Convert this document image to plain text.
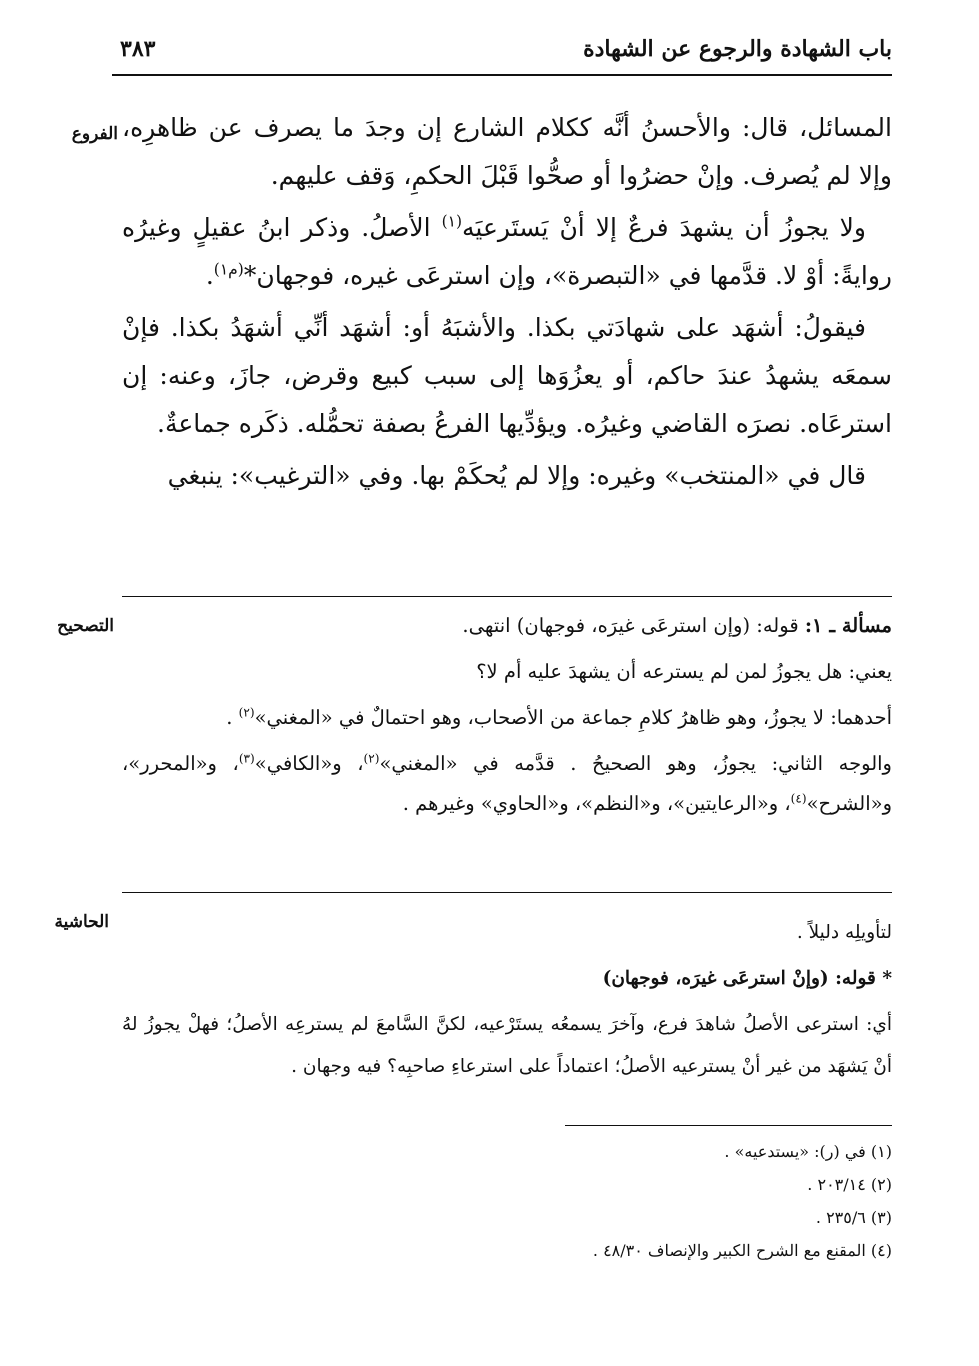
باب الشهادة والرجوع عن الشهادة
٣٨٣
الفروع المسائل، قال: والأحسنُ أنَّه ككلام الشارع إن وجدَ ما يصرف عن ظاهرِه، وإلا لم يُصرف. وإنْ حضرُوا أو صحُّوا قَبْلَ الحكمِ، وَقف عليهم.

ولا يجوزُ أن يشهدَ فرعٌ إلا أنْ يَستَرعيَه$^{(١)}$ الأصلُ. وذكر ابنُ عقيلٍ وغيرُه روايةً: أوْ لا. قدَّمها في «التبصرة»، وإن استرعَى غيره، فوجهان*$^{(م١)}$.

فيقولُ: أشهَد على شهادَتي بكذا. والأشبَهُ أو: أشهَد أنِّي أشهَدُ بكذا. فإنْ سمعَه يشهدُ عندَ حاكم، أو يعزُوَها إلى سبب كبيع وقرض، جازَ، وعنه: إن استرعَاه. نصرَه القاضي وغيرُه. ويؤدِّيها الفرعُ بصفة تحمُّله. ذكَره جماعةٌ.

قال في «المنتخب» وغيره: وإلا لم يُحكَمْ بها. وفي «الترغيب»: ينبغي

التصحيح	مسألة ـ ١: قوله: (وإن استرعَى غيرَه، فوجهان) انتهى.

يعني: هل يجوزُ لمن لم يسترعه أن يشهدَ عليه أم لا؟

أحدهما: لا يجوزُ، وهو ظاهرُ كلامِ جماعة من الأصحاب، وهو احتمالٌ في «المغني»$^{(٢)}$ .

والوجه الثاني: يجوزُ، وهو الصحيحُ . قدَّمه في «المغني»$^{(٢)}$، و«الكافي»$^{(٣)}$، و«المحرر»، و«الشرح»$^{(٤)}$، و«الرعايتين»، و«النظم»، و«الحاوي» وغيرهم .

الحاشية	لتأويلِه دليلاً .

* قوله: (وإنْ استرعَى غيرَه، فوجهان)

أي: استرعى الأصلُ شاهدَ فرع، وآخرَ يسمعُه يستَرْعيه، لكنَّ السَّامعَ لم يسترعِه الأصلُ؛ فهلْ يجوزُ لهُ أنْ يَشهَد من غير أنْ يسترعيه الأصلُ؛ اعتماداً على استرعاءِ صاحبِه؟ فيه وجهان .

(١) في (ر): «يستدعيه» .

(٢) ٢٠٣/١٤ .

(٣) ٢٣٥/٦ .

(٤) المقنع مع الشرح الكبير والإنصاف ٤٨/٣٠ .
